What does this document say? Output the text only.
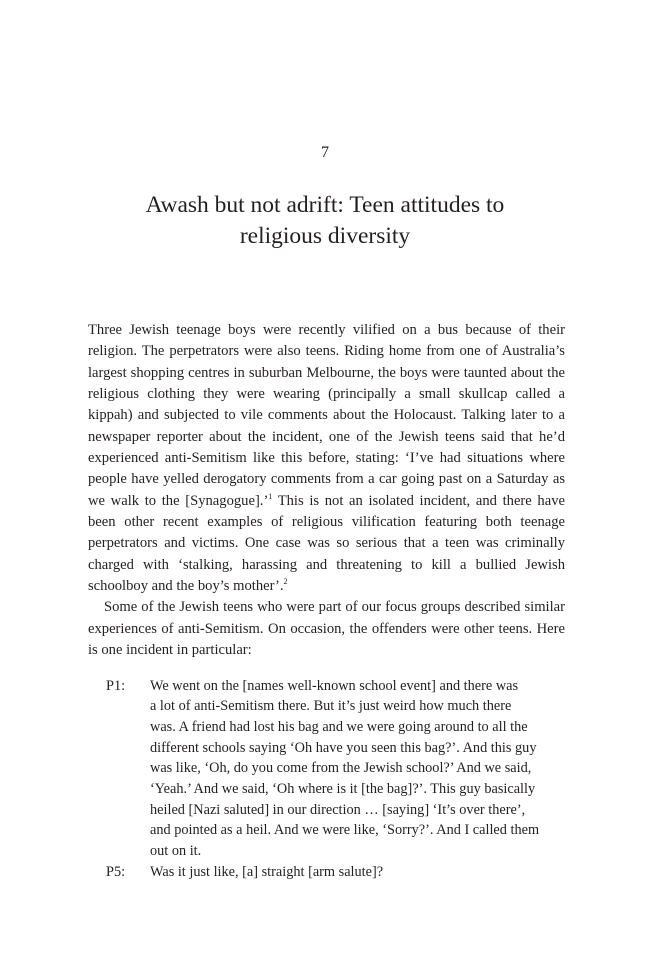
7
Awash but not adrift: Teen attitudes to
religious diversity

Three Jewish teenage boys were recently vilified on a bus because of their religion. The perpetrators were also teens. Riding home from one of Australia’s largest shopping centres in suburban Melbourne, the boys were taunted about the religious clothing they were wearing (principally a small skullcap called a kippah) and subjected to vile comments about the Holocaust. Talking later to a newspaper reporter about the incident, one of the Jewish teens said that he’d experienced anti-Semitism like this before, stating: ‘I’ve had situations where people have yelled derogatory comments from a car going past on a Saturday as we walk to the [Synagogue].’$^1$ This is not an isolated incident, and there have been other recent examples of religious vilification featuring both teenage perpetrators and victims. One case was so serious that a teen was criminally charged with ‘stalking, harassing and threatening to kill a bullied Jewish schoolboy and the boy’s mother’.$^2$

Some of the Jewish teens who were part of our focus groups described similar experiences of anti-Semitism. On occasion, the offenders were other teens. Here is one incident in particular:

P1:	We went on the [names well-known school event] and there was
a lot of anti-Semitism there. But it’s just weird how much there
was. A friend had lost his bag and we were going around to all the
different schools saying ‘Oh have you seen this bag?’. And this guy
was like, ‘Oh, do you come from the Jewish school?’ And we said,
‘Yeah.’ And we said, ‘Oh where is it [the bag]?’. This guy basically
heiled [Nazi saluted] in our direction … [saying] ‘It’s over there’,
and pointed as a heil. And we were like, ‘Sorry?’. And I called them
out on it.
P5:	Was it just like, [a] straight [arm salute]?
